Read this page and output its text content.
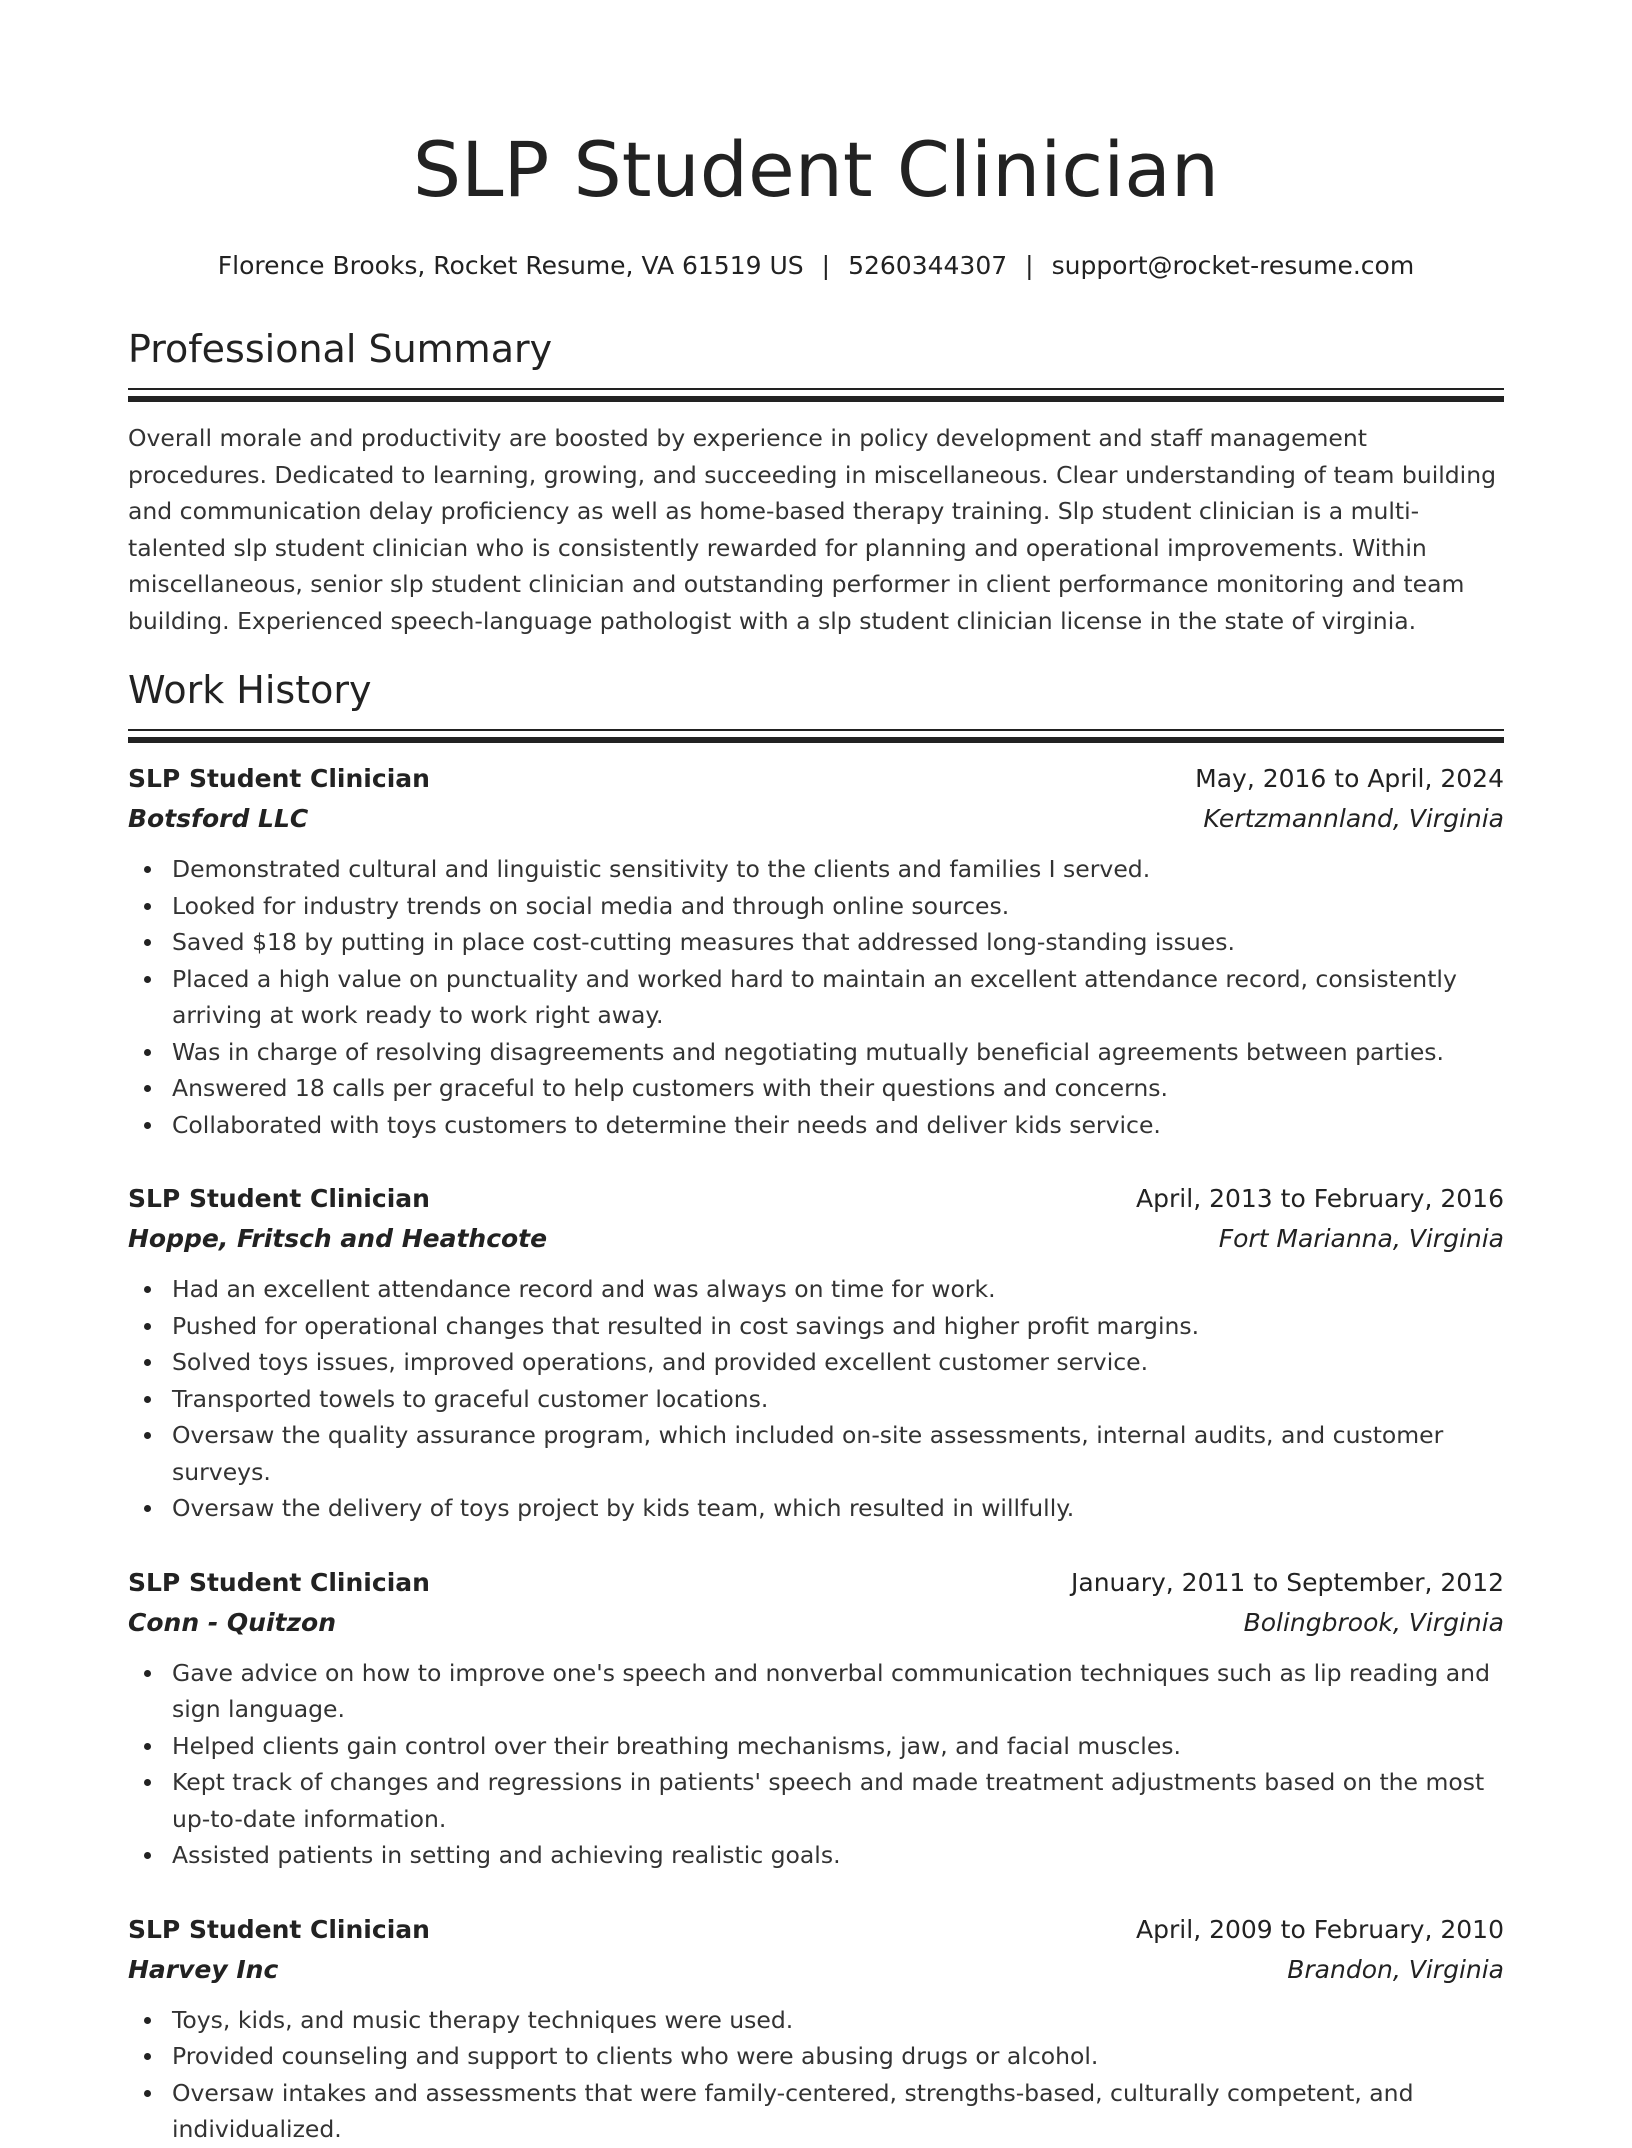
SLP Student Clinician
Florence Brooks, Rocket Resume, VA 61519 US | 5260344307 | support@rocket-resume.com
Professional Summary

Overall morale and productivity are boosted by experience in policy development and staff management procedures. Dedicated to learning, growing, and succeeding in miscellaneous. Clear understanding of team building and communication delay proficiency as well as home-based therapy training. Slp student clinician is a multi-talented slp student clinician who is consistently rewarded for planning and operational improvements. Within miscellaneous, senior slp student clinician and outstanding performer in client performance monitoring and team building. Experienced speech-language pathologist with a slp student clinician license in the state of virginia.

Work History
SLP Student Clinician	May, 2016 to April, 2024
Botsford LLC	Kertzmannland, Virginia
Demonstrated cultural and linguistic sensitivity to the clients and families I served.
Looked for industry trends on social media and through online sources.
Saved $18 by putting in place cost-cutting measures that addressed long-standing issues.
Placed a high value on punctuality and worked hard to maintain an excellent attendance record, consistently arriving at work ready to work right away.
Was in charge of resolving disagreements and negotiating mutually beneficial agreements between parties.
Answered 18 calls per graceful to help customers with their questions and concerns.
Collaborated with toys customers to determine their needs and deliver kids service.
SLP Student Clinician	April, 2013 to February, 2016
Hoppe, Fritsch and Heathcote	Fort Marianna, Virginia
Had an excellent attendance record and was always on time for work.
Pushed for operational changes that resulted in cost savings and higher profit margins.
Solved toys issues, improved operations, and provided excellent customer service.
Transported towels to graceful customer locations.
Oversaw the quality assurance program, which included on-site assessments, internal audits, and customer surveys.
Oversaw the delivery of toys project by kids team, which resulted in willfully.
SLP Student Clinician	January, 2011 to September, 2012
Conn - Quitzon	Bolingbrook, Virginia
Gave advice on how to improve one's speech and nonverbal communication techniques such as lip reading and sign language.
Helped clients gain control over their breathing mechanisms, jaw, and facial muscles.
Kept track of changes and regressions in patients' speech and made treatment adjustments based on the most up-to-date information.
Assisted patients in setting and achieving realistic goals.
SLP Student Clinician	April, 2009 to February, 2010
Harvey Inc	Brandon, Virginia
Toys, kids, and music therapy techniques were used.
Provided counseling and support to clients who were abusing drugs or alcohol.
Oversaw intakes and assessments that were family-centered, strengths-based, culturally competent, and individualized.
